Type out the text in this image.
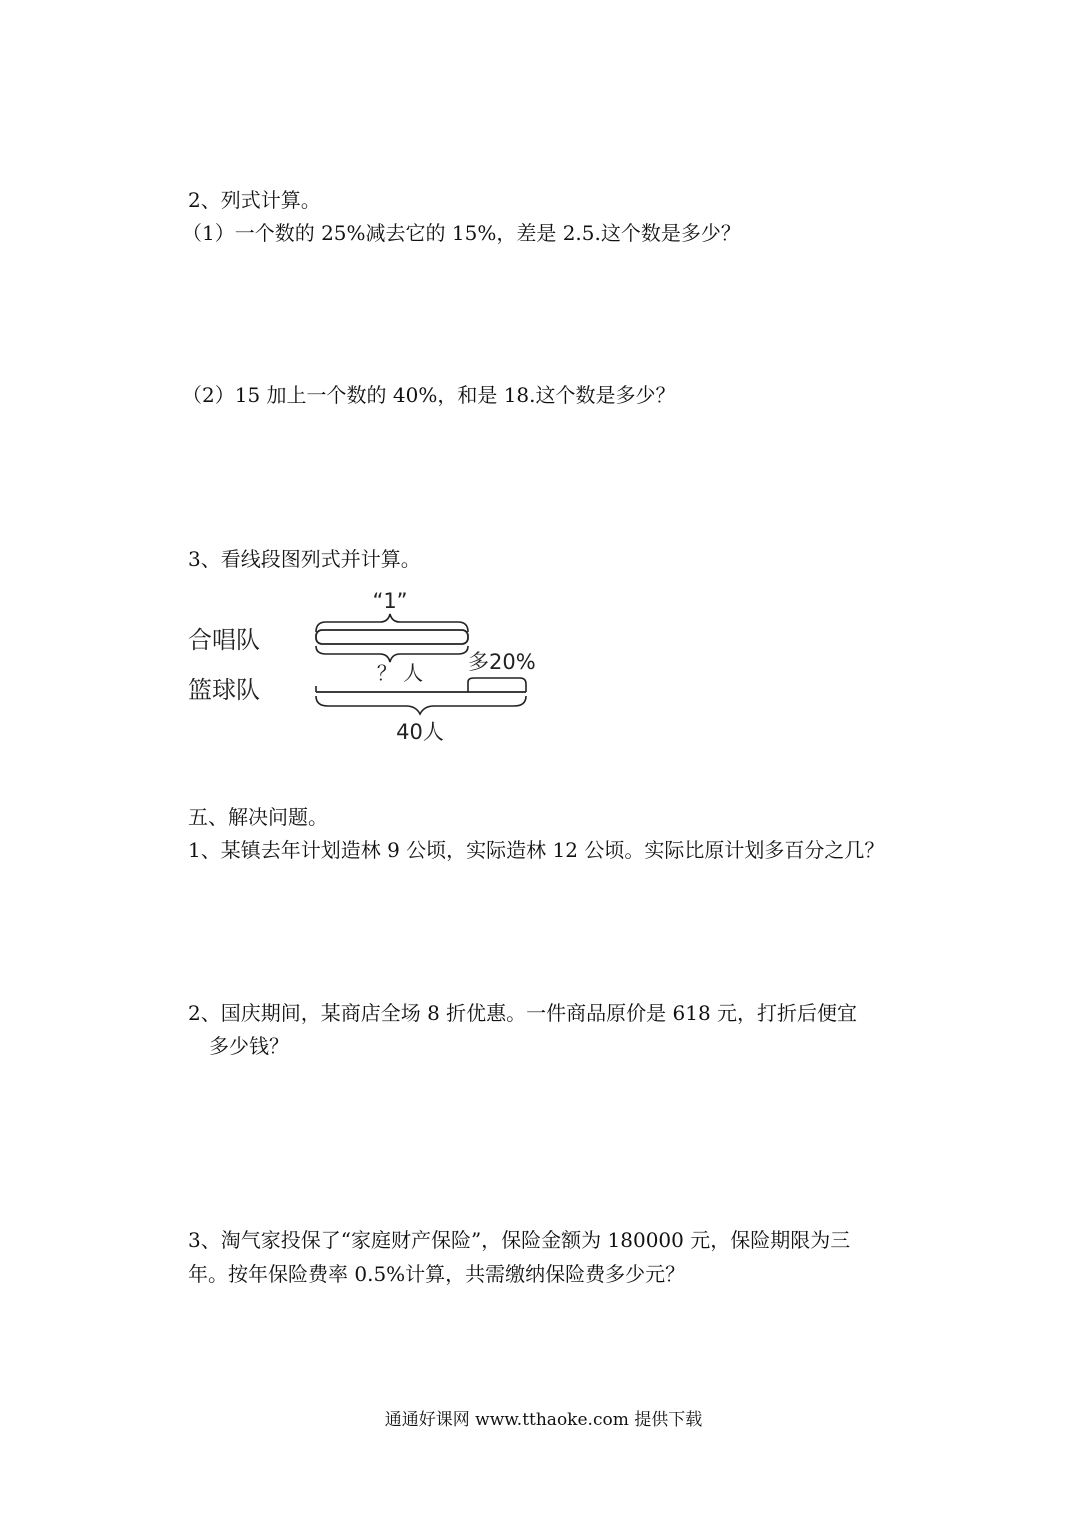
2、列式计算。
（1）一个数的 25%减去它的 15%，差是 2.5.这个数是多少？
（2）15 加上一个数的 40%，和是 18.这个数是多少？
3、看线段图列式并计算。
“1”
合唱队
？ 人 多20%
篮球队
40人
五、解决问题。
1、某镇去年计划造林 9 公顷，实际造林 12 公顷。实际比原计划多百分之几？
2、国庆期间，某商店全场 8 折优惠。一件商品原价是 618 元，打折后便宜
多少钱？
3、淘气家投保了“家庭财产保险”，保险金额为 180000 元，保险期限为三
年。按年保险费率 0.5%计算，共需缴纳保险费多少元？
通通好课网 www.tthaoke.com 提供下载
